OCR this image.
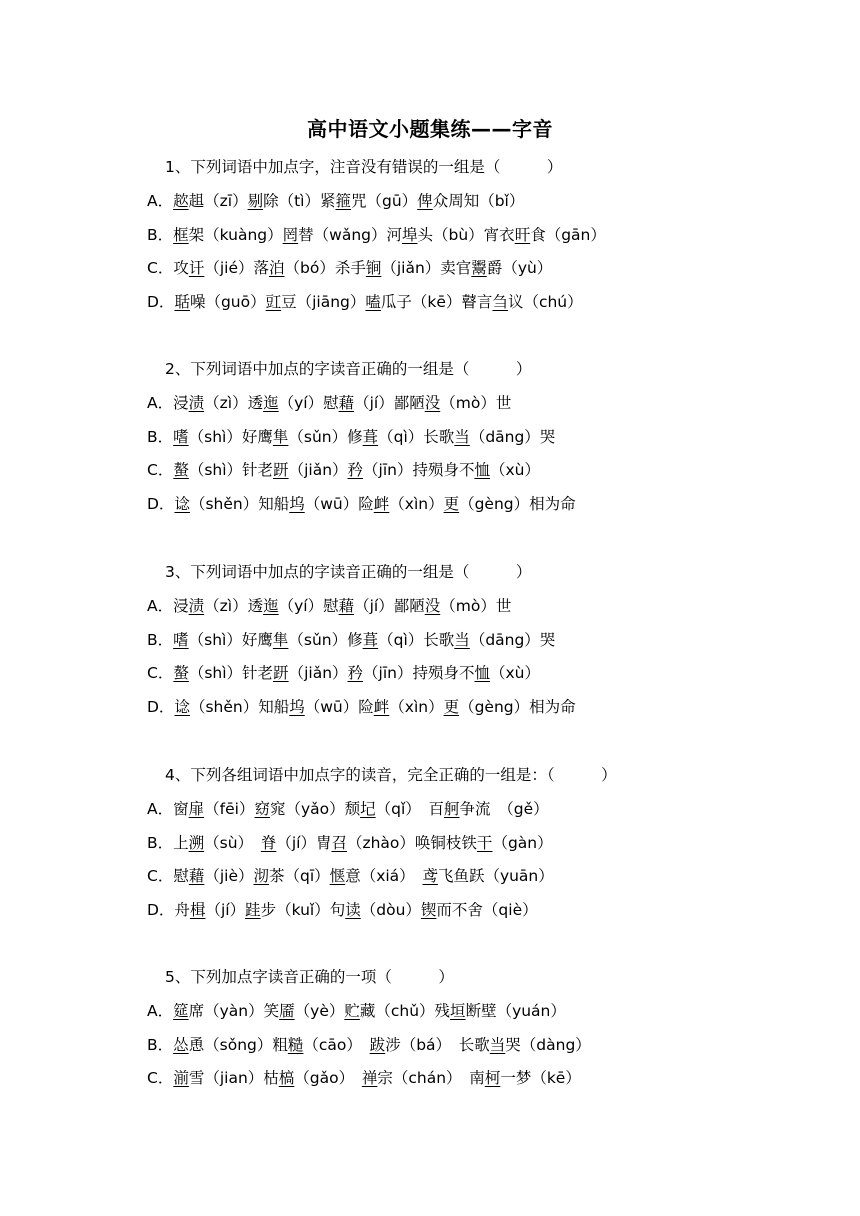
高中语文小题集练——字音
1、下列词语中加点字，注音没有错误的一组是（　　　）
A．趑趄（zī）剔除（tì）紧箍咒（gū）俾众周知（bǐ）
B．框架（kuàng）罔替（wǎng）河埠头（bù）宵衣旰食（gān）
C．攻讦（jié）落泊（bó）杀手锏（jiǎn）卖官鬻爵（yù）
D．聒噪（guō）豇豆（jiāng）嗑瓜子（kē）瞽言刍议（chú）
2、下列词语中加点的字读音正确的一组是（　　　）
A．浸渍（zì）透迤（yí）慰藉（jí）鄙陋没（mò）世
B．嗜（shì）好鹰隼（sǔn）修葺（qì）长歌当（dāng）哭
C．螯（shì）针老趼（jiǎn）矜（jīn）持殒身不恤（xù）
D．谂（shěn）知船坞（wū）险衅（xìn）更（gèng）相为命
3、下列词语中加点的字读音正确的一组是（　　　）
A．浸渍（zì）透迤（yí）慰藉（jí）鄙陋没（mò）世
B．嗜（shì）好鹰隼（sǔn）修葺（qì）长歌当（dāng）哭
C．螯（shì）针老趼（jiǎn）矜（jīn）持殒身不恤（xù）
D．谂（shěn）知船坞（wū）险衅（xìn）更（gèng）相为命
4、下列各组词语中加点字的读音，完全正确的一组是：（　　　）
A．窗扉（fēi）窈窕（yǎo）颓圮（qǐ）　百舸争流　（gě）
B．上溯（sù）　脊（jí）冑召（zhào）唤铜枝铁干（gàn）
C．慰藉（jiè）沏茶（qī）惬意（xiá）　鸢飞鱼跃（yuān）
D．舟楫（jí）跬步（kuǐ）句读（dòu）锲而不舍（qiè）
5、下列加点字读音正确的一项（　　　）
A．筵席（yàn）笑靥（yè）贮藏（chǔ）残垣断壁（yuán）
B．怂恿（sǒng）粗糙（cāo）　跋涉（bá）　长歌当哭（dàng）
C．湔雪（jian）枯槁（gǎo）　禅宗（chán）　南柯一梦（kē）
